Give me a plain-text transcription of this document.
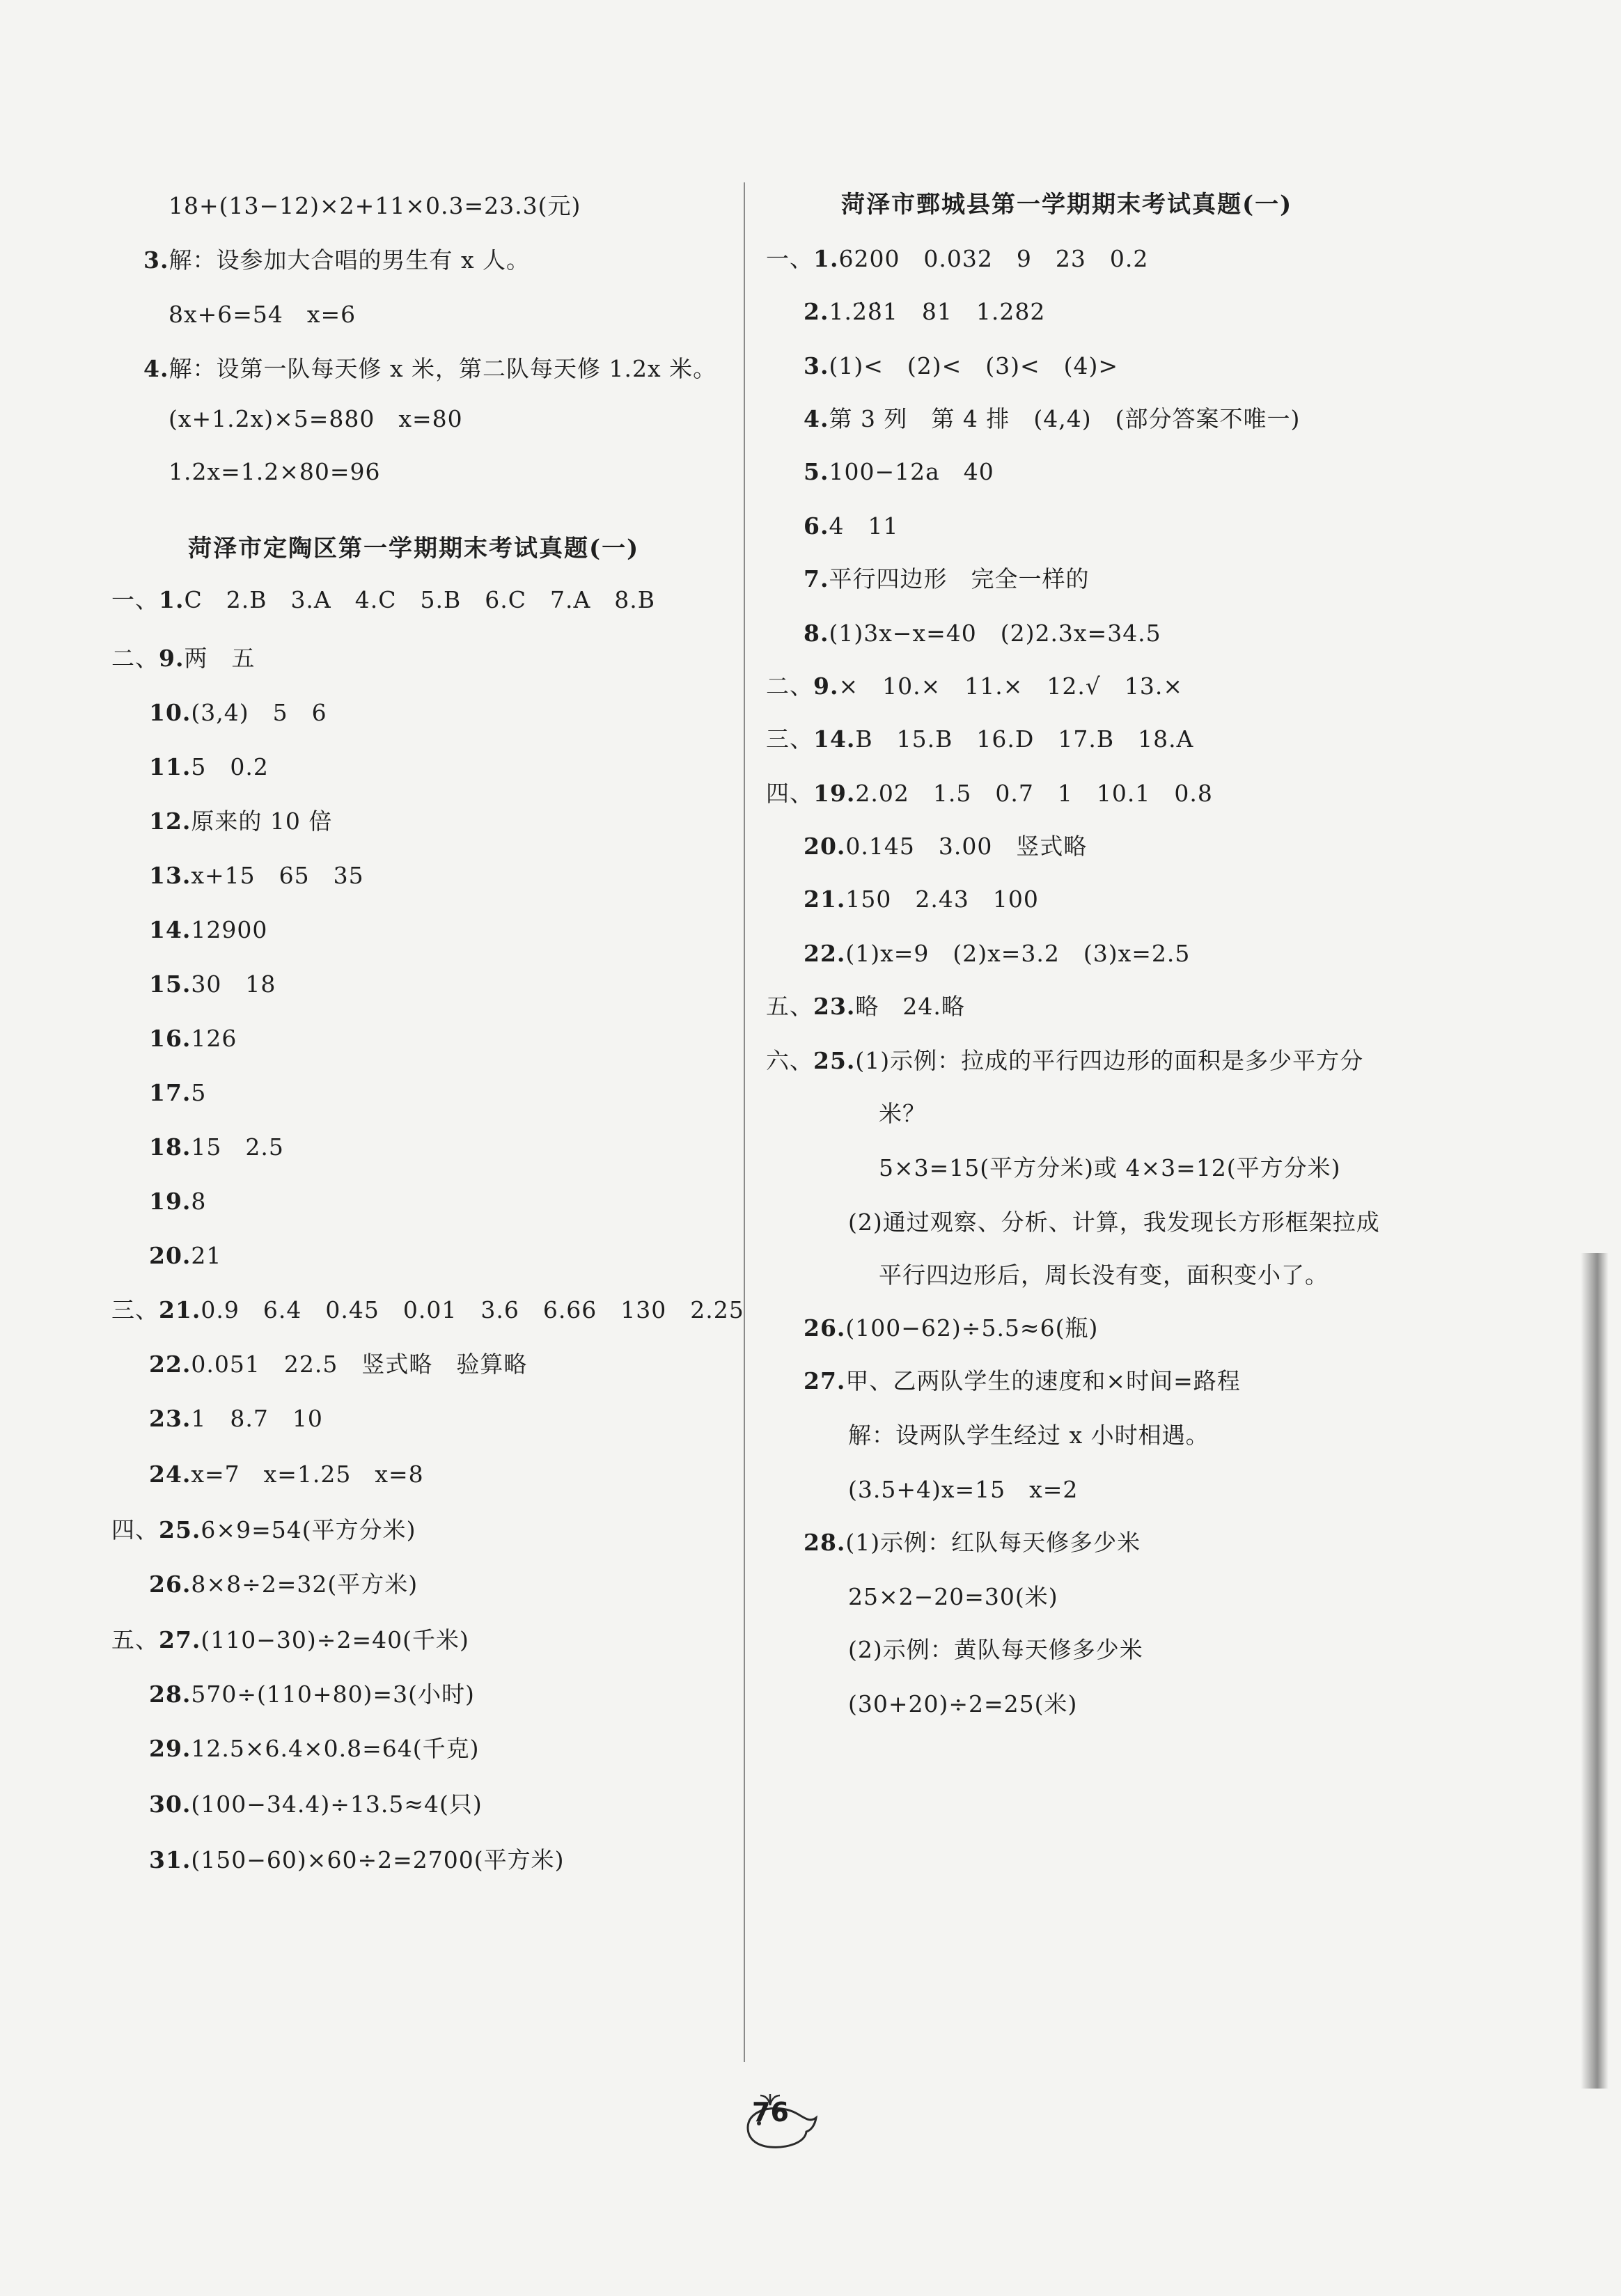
18+(13−12)×2+11×0.3=23.3(元)
3.解：设参加大合唱的男生有 x 人。
8x+6=54　x=6
4.解：设第一队每天修 x 米，第二队每天修 1.2x 米。
(x+1.2x)×5=880　x=80
1.2x=1.2×80=96
菏泽市定陶区第一学期期末考试真题(一)
一、1.C　2.B　3.A　4.C　5.B　6.C　7.A　8.B
二、9.两　五
10.(3,4)　5　6
11.5　0.2
12.原来的 10 倍
13.x+15　65　35
14.12900
15.30　18
16.126
17.5
18.15　2.5
19.8
20.21
三、21.0.9　6.4　0.45　0.01　3.6　6.66　130　2.25
22.0.051　22.5　竖式略　验算略
23.1　8.7　10
24.x=7　x=1.25　x=8
四、25.6×9=54(平方分米)
26.8×8÷2=32(平方米)
五、27.(110−30)÷2=40(千米)
28.570÷(110+80)=3(小时)
29.12.5×6.4×0.8=64(千克)
30.(100−34.4)÷13.5≈4(只)
31.(150−60)×60÷2=2700(平方米)
菏泽市鄄城县第一学期期末考试真题(一)
一、1.6200　0.032　9　23　0.2
2.1.2̇8̇1　81　1.282
3.(1)<　(2)<　(3)<　(4)>
4.第 3 列　第 4 排　(4,4)　(部分答案不唯一)
5.100−12a　40
6.4　11
7.平行四边形　完全一样的
8.(1)3x−x=40　(2)2.3x=34.5
二、9.×　10.×　11.×　12.√　13.×
三、14.B　15.B　16.D　17.B　18.A
四、19.2.02　1.5　0.7　1　10.1　0.8
20.0.145　3.00　竖式略
21.150　2.43　100
22.(1)x=9　(2)x=3.2　(3)x=2.5
五、23.略　24.略
六、25.(1)示例：拉成的平行四边形的面积是多少平方分
米？
5×3=15(平方分米)或 4×3=12(平方分米)
(2)通过观察、分析、计算，我发现长方形框架拉成
平行四边形后，周长没有变，面积变小了。
26.(100−62)÷5.5≈6(瓶)
27.甲、乙两队学生的速度和×时间=路程
解：设两队学生经过 x 小时相遇。
(3.5+4)x=15　x=2
28.(1)示例：红队每天修多少米
25×2−20=30(米)
(2)示例：黄队每天修多少米
(30+20)÷2=25(米)
76
